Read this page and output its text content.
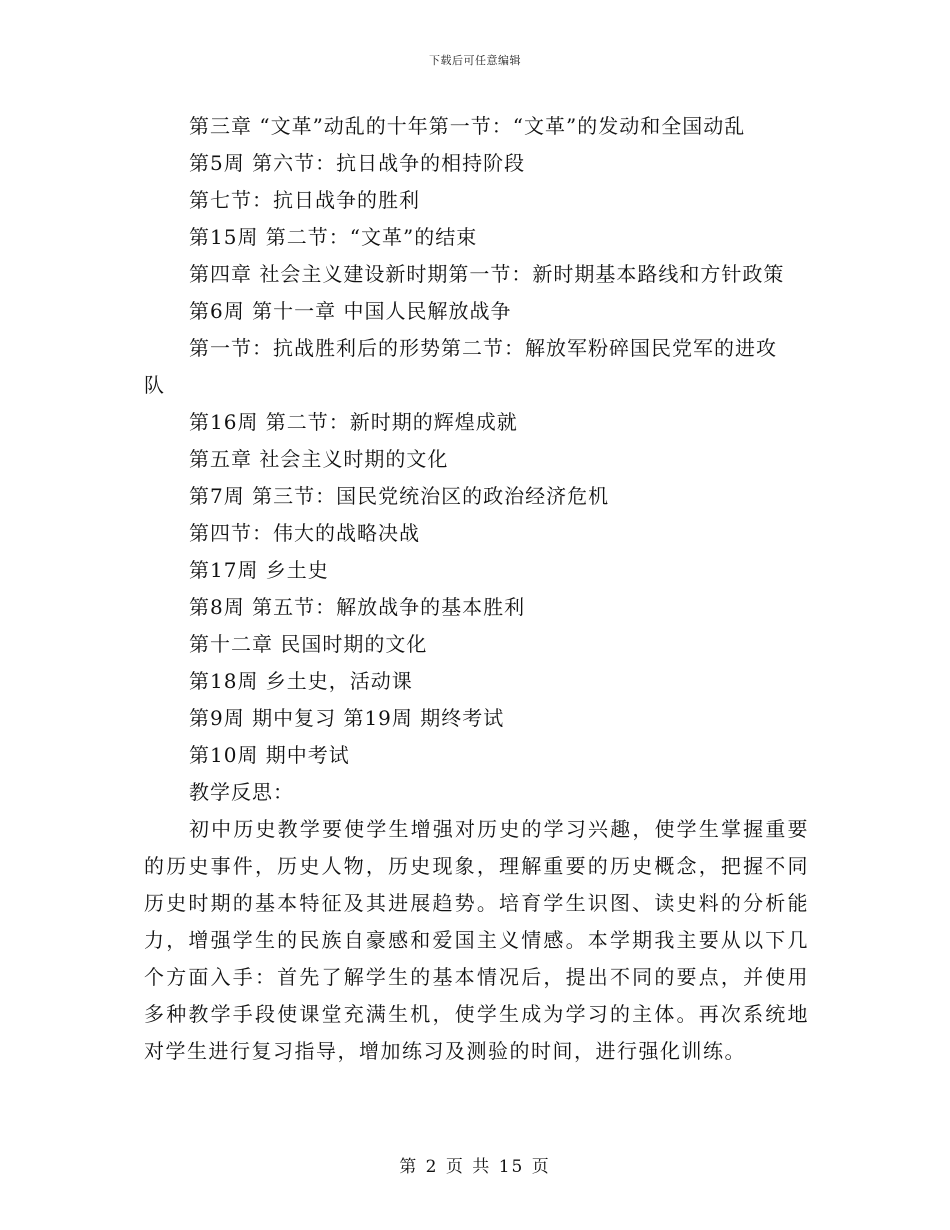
下载后可任意编辑
第三章 “文革”动乱的十年第一节：“文革”的发动和全国动乱
第5周 第六节：抗日战争的相持阶段
第七节：抗日战争的胜利
第15周 第二节：“文革”的结束
第四章 社会主义建设新时期第一节：新时期基本路线和方针政策
第6周 第十一章 中国人民解放战争
第一节：抗战胜利后的形势第二节：解放军粉碎国民党军的进攻
队
第16周 第二节：新时期的辉煌成就
第五章 社会主义时期的文化
第7周 第三节：国民党统治区的政治经济危机
第四节：伟大的战略决战
第17周 乡土史
第8周 第五节：解放战争的基本胜利
第十二章 民国时期的文化
第18周 乡土史，活动课
第9周 期中复习 第19周 期终考试
第10周 期中考试
教学反思：

初中历史教学要使学生增强对历史的学习兴趣，使学生掌握重要的历史事件，历史人物，历史现象，理解重要的历史概念，把握不同历史时期的基本特征及其进展趋势。培育学生识图、读史料的分析能力，增强学生的民族自豪感和爱国主义情感。本学期我主要从以下几个方面入手：首先了解学生的基本情况后，提出不同的要点，并使用多种教学手段使课堂充满生机，使学生成为学习的主体。再次系统地对学生进行复习指导，增加练习及测验的时间，进行强化训练。

第 2 页 共 15 页
